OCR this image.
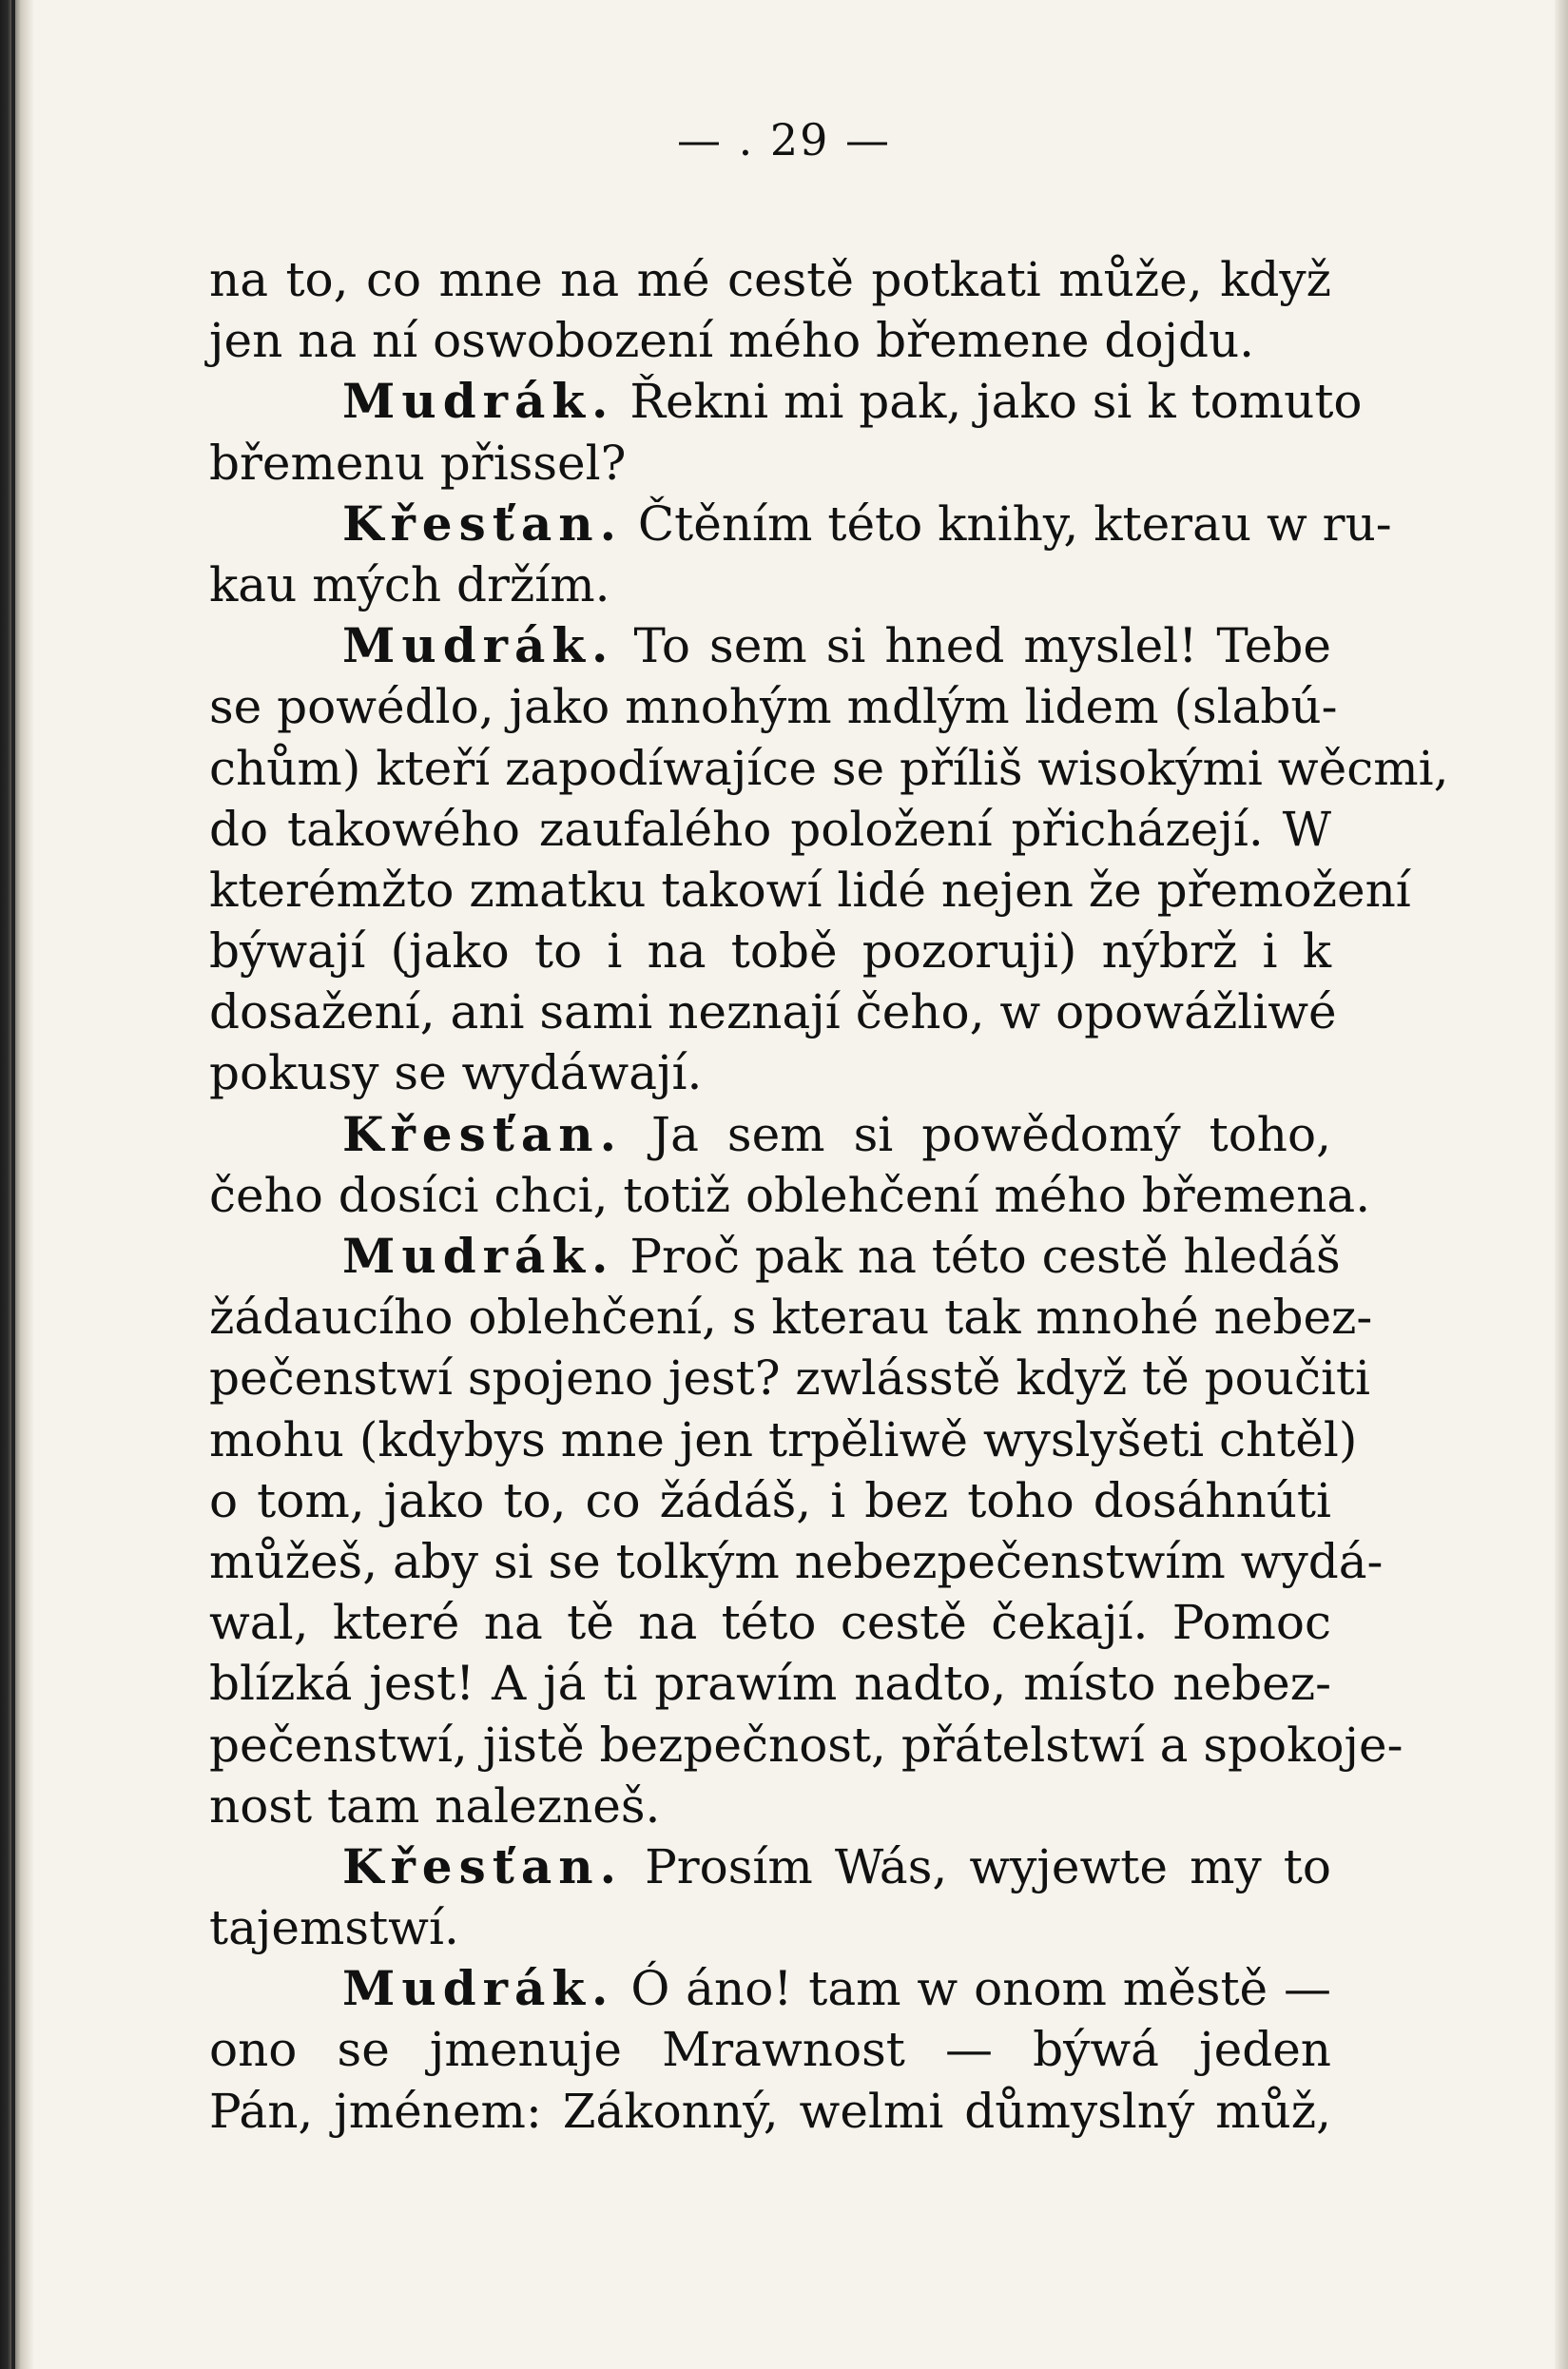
— . 29 —
na to, co mne na mé cestě potkati může, když
jen na ní oswobození mého břemene dojdu.
Mudrák. Řekni mi pak, jako si k tomuto
břemenu přissel?
Křesťan. Čtěním této knihy, kterau w ru-
kau mých držím.
Mudrák. To sem si hned myslel! Tebe
se powédlo, jako mnohým mdlým lidem (slabú-
chům) kteří zapodíwajíce se příliš wisokými wěcmi,
do takowého zaufalého položení přicházejí. W
kterémžto zmatku takowí lidé nejen že přemožení
býwají (jako to i na tobě pozoruji) nýbrž i k
dosažení, ani sami neznají čeho, w opowážliwé
pokusy se wydáwají.
Křesťan. Ja sem si powědomý toho,
čeho dosíci chci, totiž oblehčení mého břemena.
Mudrák. Proč pak na této cestě hledáš
žádaucího oblehčení, s kterau tak mnohé nebez-
pečenstwí spojeno jest? zwlásstě když tě poučiti
mohu (kdybys mne jen trpěliwě wyslyšeti chtěl)
o tom, jako to, co žádáš, i bez toho dosáhnúti
můžeš, aby si se tolkým nebezpečenstwím wydá-
wal, které na tě na této cestě čekají. Pomoc
blízká jest! A já ti prawím nadto, místo nebez-
pečenstwí, jistě bezpečnost, přátelstwí a spokoje-
nost tam nalezneš.
Křesťan. Prosím Wás, wyjewte my to
tajemstwí.
Mudrák. Ó áno! tam w onom městě —
ono se jmenuje Mrawnost — býwá jeden
Pán, jménem: Zákonný, welmi důmyslný můž,
